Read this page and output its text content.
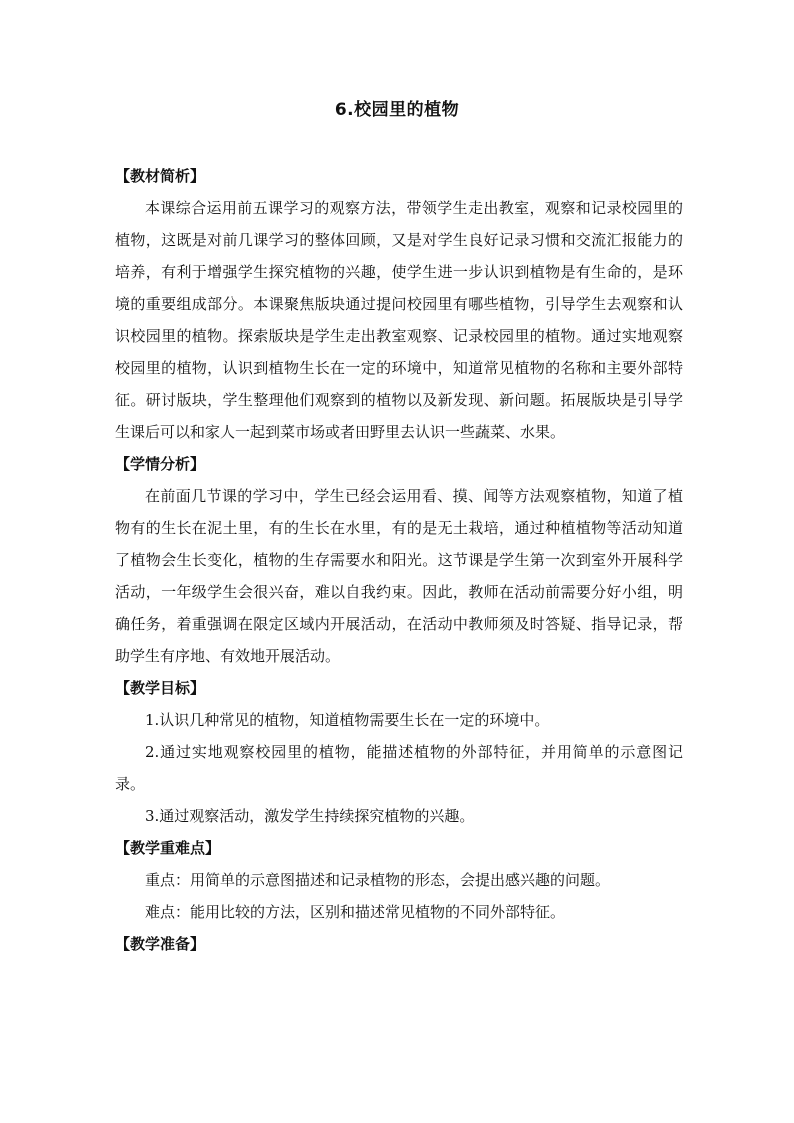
6.校园里的植物
【教材简析】

本课综合运用前五课学习的观察方法，带领学生走出教室，观察和记录校园里的植物，这既是对前几课学习的整体回顾，又是对学生良好记录习惯和交流汇报能力的培养，有利于增强学生探究植物的兴趣，使学生进一步认识到植物是有生命的，是环境的重要组成部分。本课聚焦版块通过提问校园里有哪些植物，引导学生去观察和认识校园里的植物。探索版块是学生走出教室观察、记录校园里的植物。通过实地观察校园里的植物，认识到植物生长在一定的环境中，知道常见植物的名称和主要外部特征。研讨版块，学生整理他们观察到的植物以及新发现、新问题。拓展版块是引导学生课后可以和家人一起到菜市场或者田野里去认识一些蔬菜、水果。

【学情分析】

在前面几节课的学习中，学生已经会运用看、摸、闻等方法观察植物，知道了植物有的生长在泥土里，有的生长在水里，有的是无土栽培，通过种植植物等活动知道了植物会生长变化，植物的生存需要水和阳光。这节课是学生第一次到室外开展科学活动，一年级学生会很兴奋，难以自我约束。因此，教师在活动前需要分好小组，明确任务，着重强调在限定区域内开展活动，在活动中教师须及时答疑、指导记录，帮助学生有序地、有效地开展活动。

【教学目标】

1.认识几种常见的植物，知道植物需要生长在一定的环境中。

2.通过实地观察校园里的植物，能描述植物的外部特征，并用简单的示意图记录。

3.通过观察活动，激发学生持续探究植物的兴趣。

【教学重难点】

重点：用简单的示意图描述和记录植物的形态，会提出感兴趣的问题。

难点：能用比较的方法，区别和描述常见植物的不同外部特征。

【教学准备】
